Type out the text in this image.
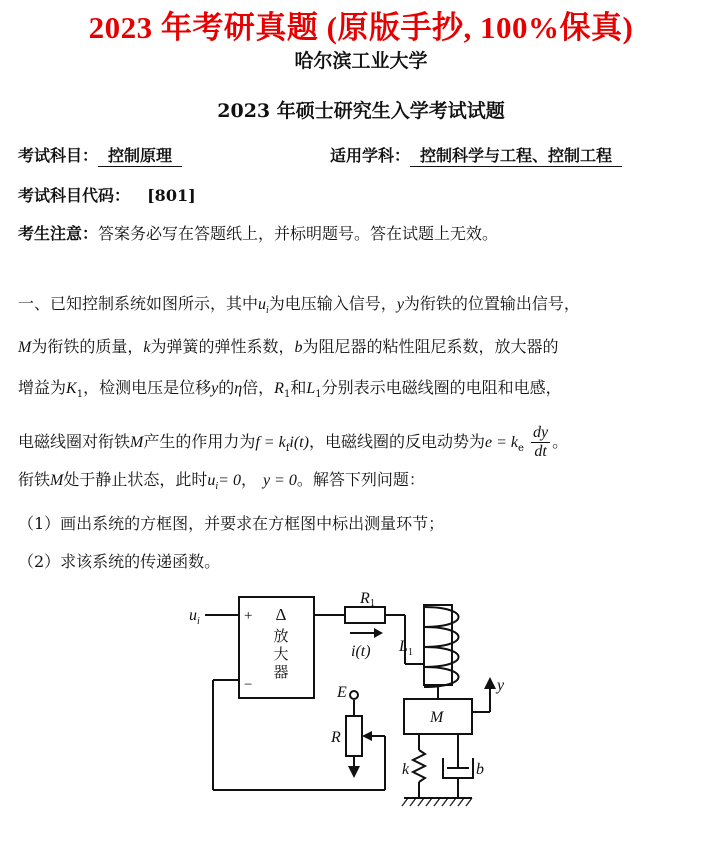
2023 年考研真题 (原版手抄, 100%保真)
哈尔滨工业大学
2023 年硕士研究生入学考试试题
考试科目： 控制原理	适用学科： 控制科学与工程、控制工程
考试科目代码： [801]
考生注意：答案务必写在答题纸上，并标明题号。答在试题上无效。
一、已知控制系统如图所示，其中$u_i$为电压输入信号，y为衔铁的位置输出信号，
M为衔铁的质量，k为弹簧的弹性系数，b为阻尼器的粘性阻尼系数，放大器的
增益为$K_1$，检测电压是位移y的η倍，$R_1$和$L_1$分别表示电磁线圈的电阻和电感，
电磁线圈对衔铁M产生的作用力为$f = k_fi(t)$，电磁线圈的反电动势为$e = k_e \frac{dy}{dt}$ 。
衔铁M处于静止状态，此时$u_i= 0$， y = 0。解答下列问题：
（1）画出系统的方框图，并要求在方框图中标出测量环节；
（2）求该系统的传递函数。
u i	+
−
Δ
放
大
器
R 1
i(t) L 1
E
R
M
y
k	b
